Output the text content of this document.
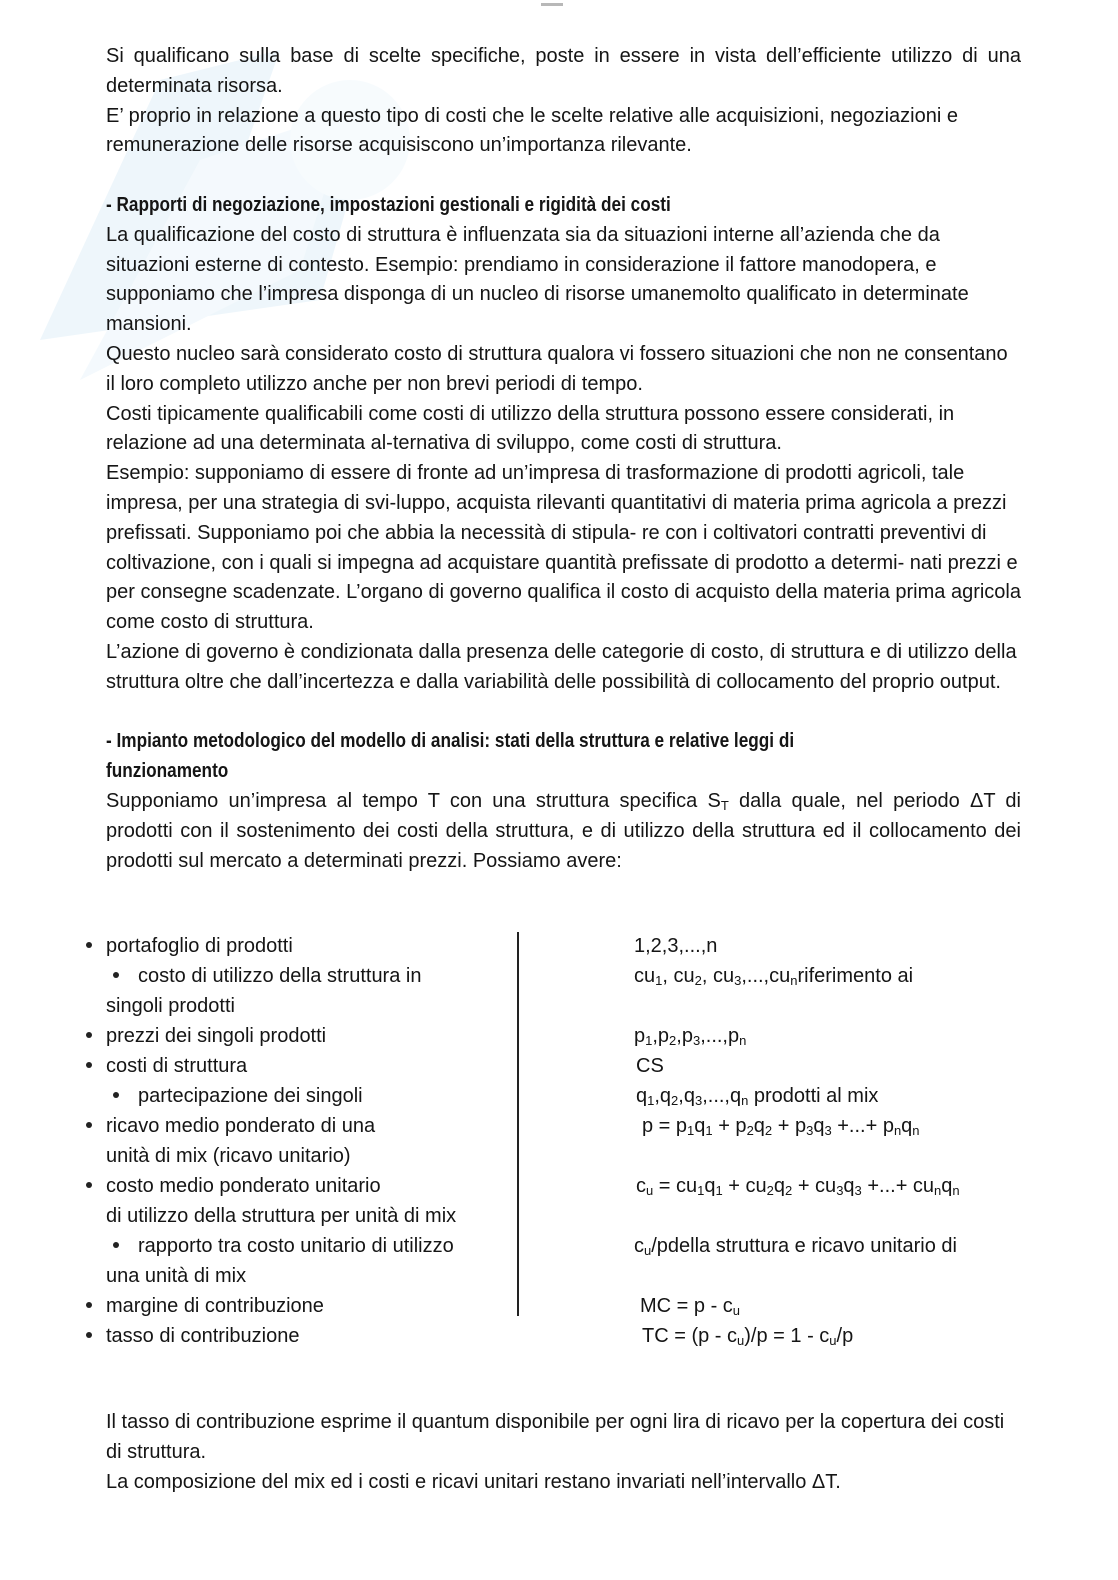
Si qualificano sulla base di scelte specifiche, poste in essere in vista dell’efficiente utilizzo di una determinata risorsa.

E’ proprio in relazione a questo tipo di costi che le scelte relative alle acquisizioni, negoziazioni e remunerazione delle risorse acquisiscono un’importanza rilevante.

- Rapporti di negoziazione, impostazioni gestionali e rigidità dei costi

La qualificazione del costo di struttura è influenzata sia da situazioni interne all’azienda che da situazioni esterne di contesto. Esempio: prendiamo in considerazione il fattore manodopera, e supponiamo che l’impresa disponga di un nucleo di risorse umanemolto qualificato in determinate mansioni.

Questo nucleo sarà considerato costo di struttura qualora vi fossero situazioni che non ne consentano il loro completo utilizzo anche per non brevi periodi di tempo.

Costi tipicamente qualificabili come costi di utilizzo della struttura possono essere considerati, in relazione ad una determinata al-ternativa di sviluppo, come costi di struttura.

Esempio: supponiamo di essere di fronte ad un’impresa di trasformazione di prodotti agricoli, tale impresa, per una strategia di svi-luppo, acquista rilevanti quantitativi di materia prima agricola a prezzi prefissati. Supponiamo poi che abbia la necessità di stipula- re con i coltivatori contratti preventivi di coltivazione, con i quali si impegna ad acquistare quantità prefissate di prodotto a determi- nati prezzi e per consegne scadenzate. L’organo di governo qualifica il costo di acquisto della materia prima agricola come costo di struttura.

L’azione di governo è condizionata dalla presenza delle categorie di costo, di struttura e di utilizzo della struttura oltre che dall’incertezza e dalla variabilità delle possibilità di collocamento del proprio output.

- Impianto metodologico del modello di analisi: stati della struttura e relative leggi di

funzionamento

Supponiamo un’impresa al tempo T con una struttura specifica $S_T$ dalla quale, nel periodo ΔT di prodotti con il sostenimento dei costi della struttura, e di utilizzo della struttura ed il collocamento dei prodotti sul mercato a determinati prezzi. Possiamo avere:

portafoglio di prodotti	1,2,3,...,n
costo di utilizzo della struttura in	$cu_1$, $cu_2$, $cu_3,...,cu_nriferimento$ ai
singoli prodotti
prezzi dei singoli prodotti	$p_1,p_2,p_3,...,p_n$
costi di struttura	CS
partecipazione dei singoli	$q_1,q_2,q_3,...,q_n$ prodotti al mix
ricavo medio ponderato di una	$p = p_1q_1 + p_2q_2 + p_3q_3$ +...+ $p_nq_n$
unità di mix (ricavo unitario)
costo medio ponderato unitario	$c_u = cu_1q_1 + cu_2q_2 + cu_3q_3$ +...+ $cu_nq_n$
di utilizzo della struttura per unità di mix
rapporto tra costo unitario di utilizzo	$c_u$/pdella struttura e ricavo unitario di
una unità di mix
margine di contribuzione	MC = p - $c_u$
tasso di contribuzione	TC = $(p - c_u)/p = 1 - c_u/p$

Il tasso di contribuzione esprime il quantum disponibile per ogni lira di ricavo per la copertura dei costi di struttura.

La composizione del mix ed i costi e ricavi unitari restano invariati nell’intervallo ΔT.
